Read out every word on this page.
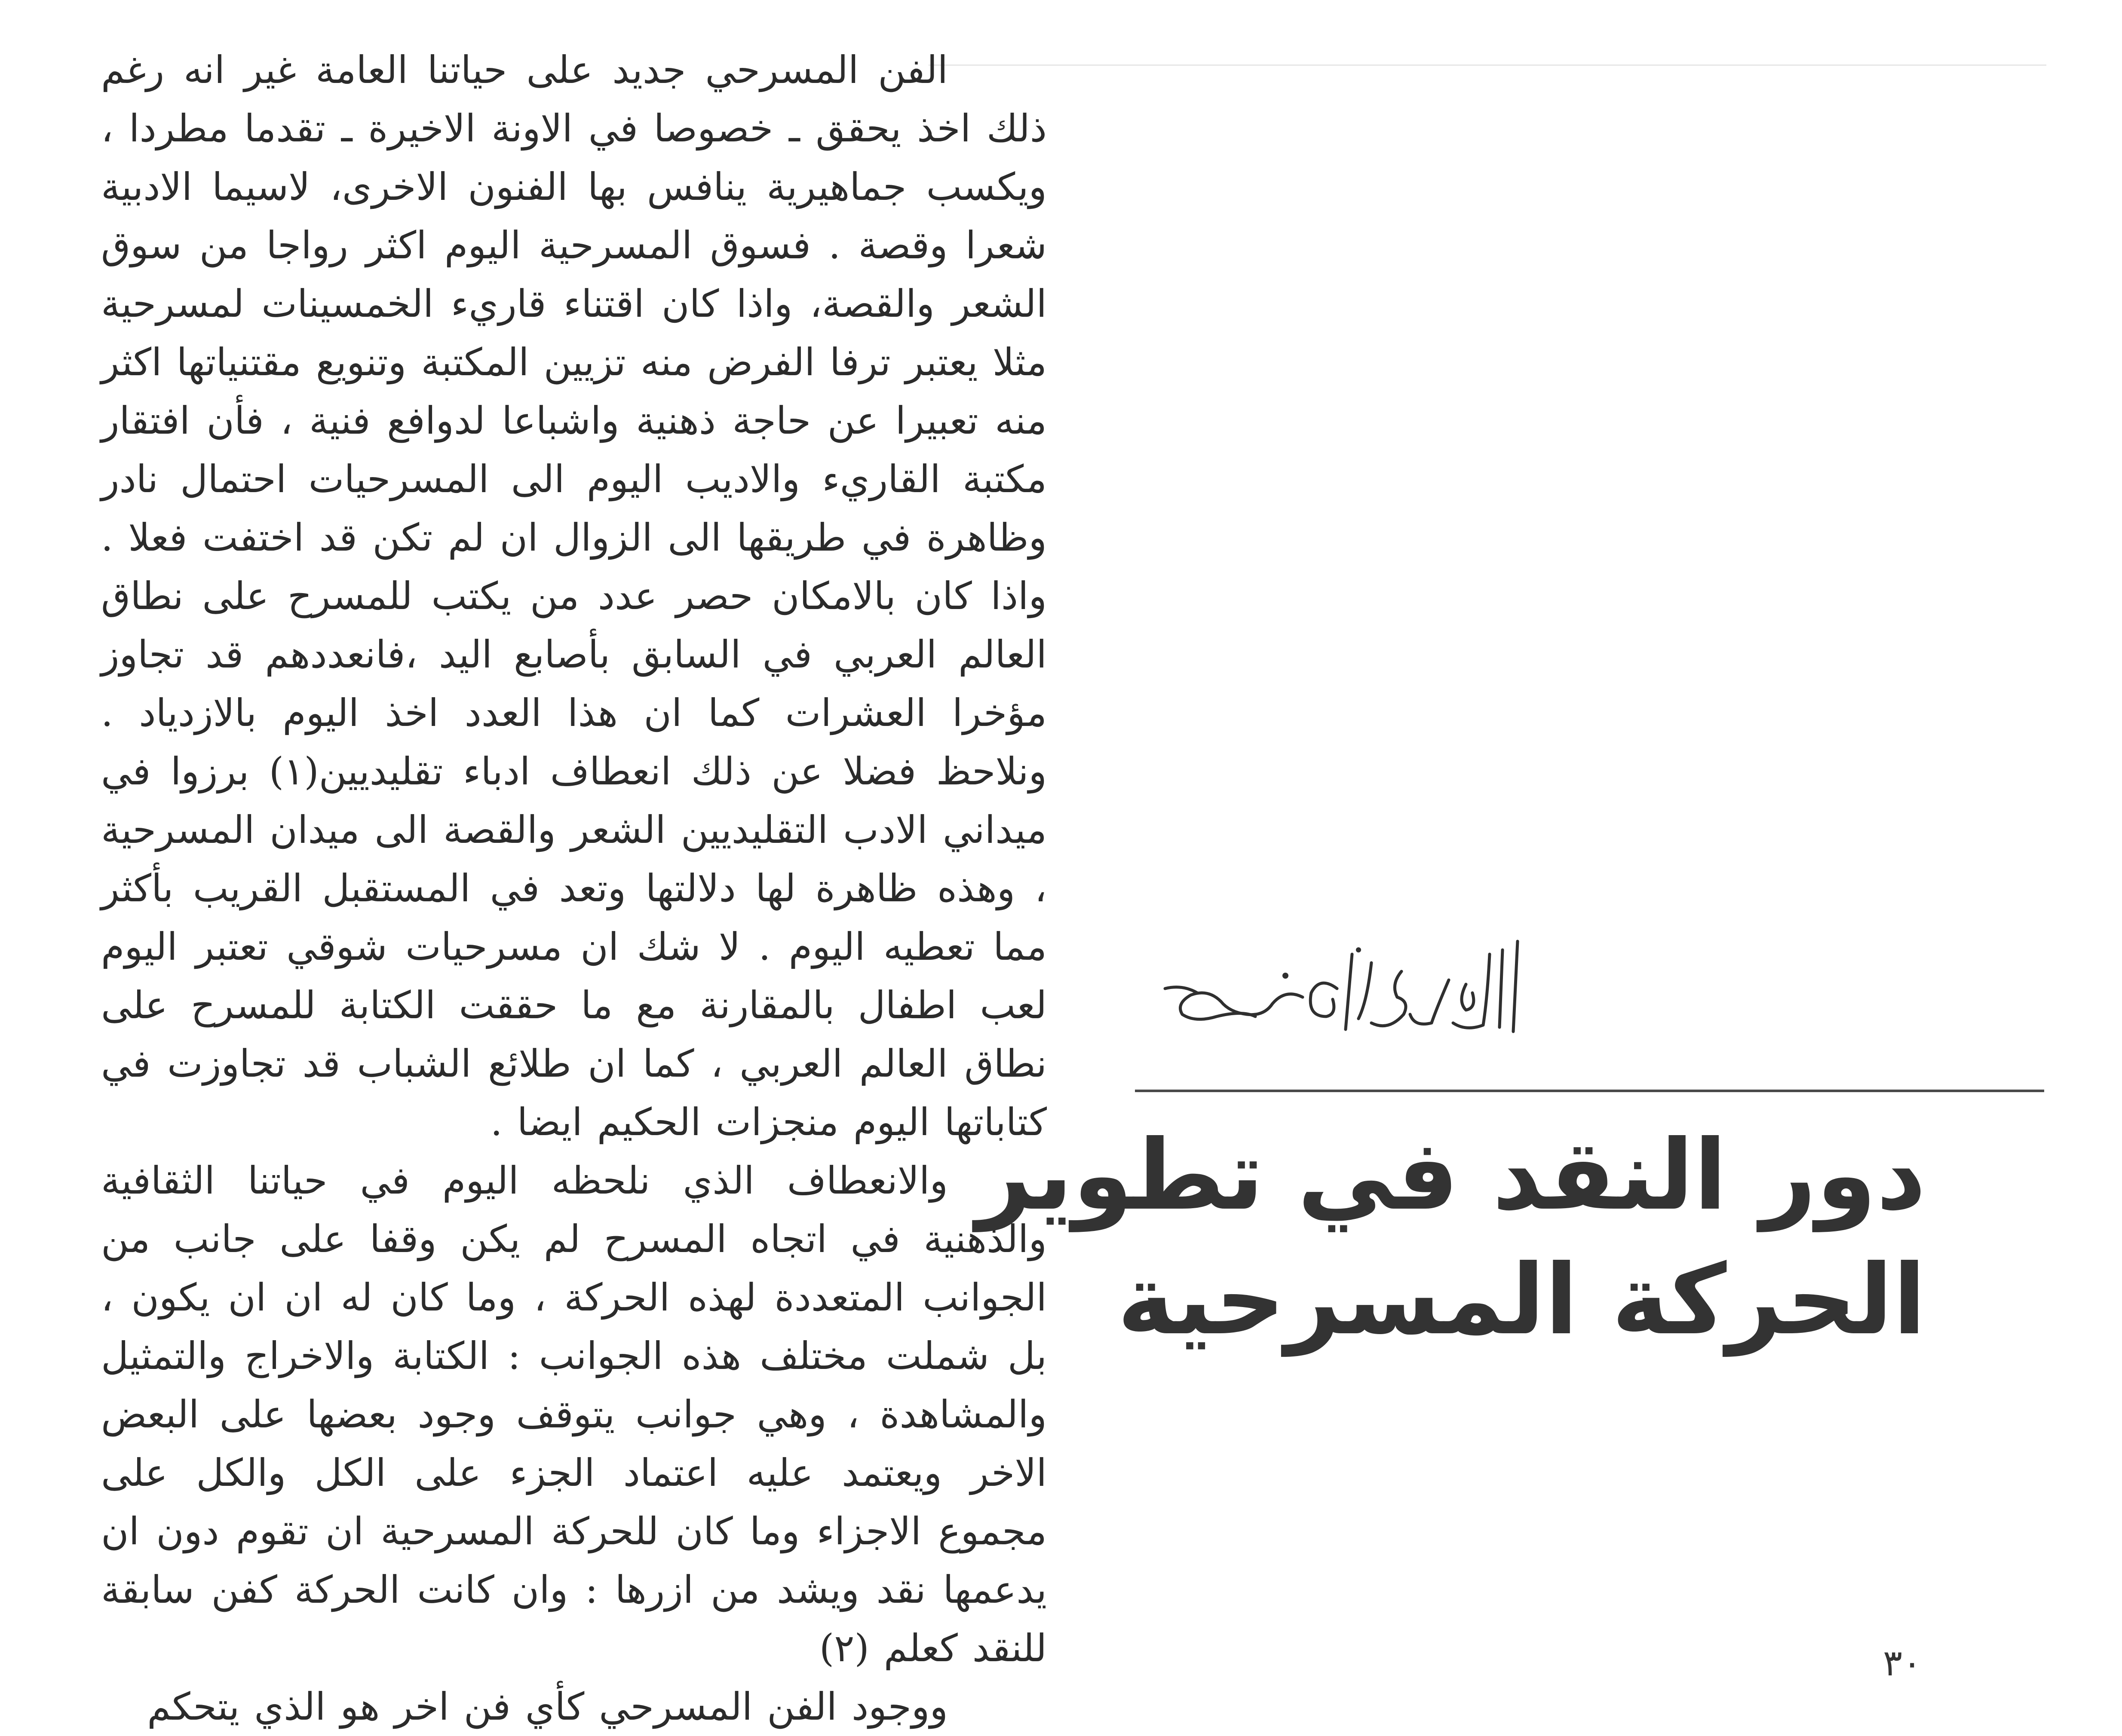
الفن المسرحي جديد على حياتنا العامة غير انه رغم ذلك اخذ يحقق ـ خصوصا في الاونة الاخيرة ـ تقدما مطردا ، ويكسب جماهيرية ينافس بها الفنون الاخرى، لاسيما الادبية شعرا وقصة . فسوق المسرحية اليوم اكثر رواجا من سوق الشعر والقصة، واذا كان اقتناء قاريء الخمسينات لمسرحية مثلا يعتبر ترفا الفرض منه تزيين المكتبة وتنويع مقتنياتها اكثر منه تعبيرا عن حاجة ذهنية واشباعا لدوافع فنية ، فأن افتقار مكتبة القاريء والاديب اليوم الى المسرحيات احتمال نادر وظاهرة في طريقها الى الزوال ان لم تكن قد اختفت فعلا . واذا كان بالامكان حصر عدد من يكتب للمسرح على نطاق العالم العربي في السابق بأصابع اليد ،فانعددهم قد تجاوز مؤخرا العشرات كما ان هذا العدد اخذ اليوم بالازدياد . ونلاحظ فضلا عن ذلك انعطاف ادباء تقليديين(١) برزوا في ميداني الادب التقليديين الشعر والقصة الى ميدان المسرحية ، وهذه ظاهرة لها دلالتها وتعد في المستقبل القريب بأكثر مما تعطيه اليوم . لا شك ان مسرحيات شوقي تعتبر اليوم لعب اطفال بالمقارنة مع ما حققت الكتابة للمسرح على نطاق العالم العربي ، كما ان طلائع الشباب قد تجاوزت في كتاباتها اليوم منجزات الحكيم ايضا .

والانعطاف الذي نلحظه اليوم في حياتنا الثقافية والذهنية في اتجاه المسرح لم يكن وقفا على جانب من الجوانب المتعددة لهذه الحركة ، وما كان له ان ان يكون ، بل شملت مختلف هذه الجوانب : الكتابة والاخراج والتمثيل والمشاهدة ، وهي جوانب يتوقف وجود بعضها على البعض الاخر ويعتمد عليه اعتماد الجزء على الكل والكل على مجموع الاجزاء وما كان للحركة المسرحية ان تقوم دون ان يدعمها نقد ويشد من ازرها : وان كانت الحركة كفن سابقة للنقد كعلم (٢)

ووجود الفن المسرحي كأي فن اخر هو الذي يتحكم

دور النقد في تطوير
الحركة المسرحية
٣٠
